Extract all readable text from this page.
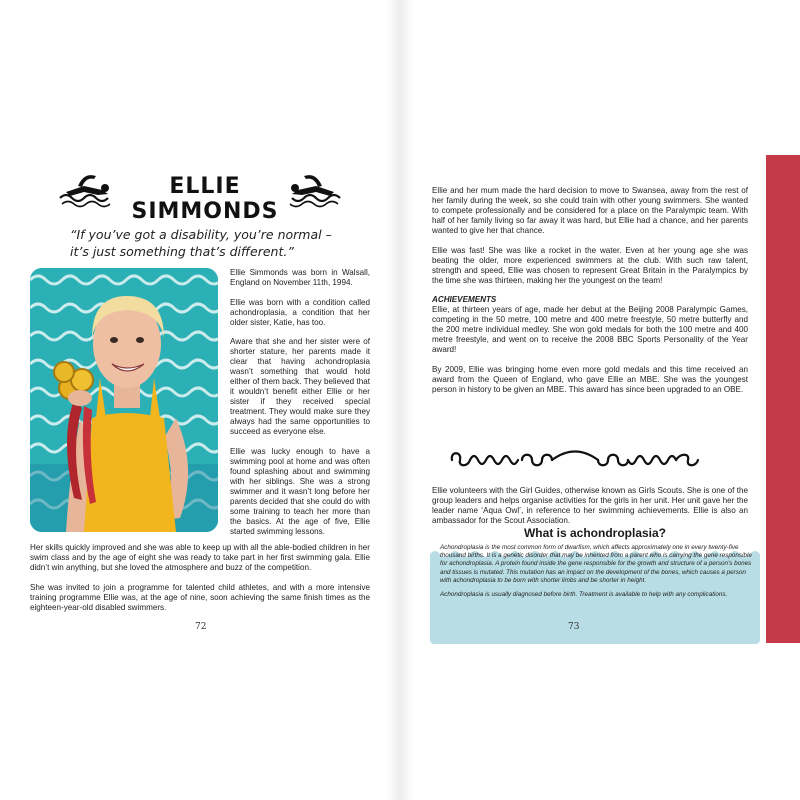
ELLIE SIMMONDS
“If you’ve got a disability, you’re normal – it’s just something that’s different.”

Ellie Simmonds was born in Walsall, England on November 11th, 1994.

Ellie was born with a condition called achondroplasia, a condition that her older sister, Katie, has too.

Aware that she and her sister were of shorter stature, her parents made it clear that having achondroplasia wasn’t something that would hold either of them back. They believed that it wouldn’t benefit either Ellie or her sister if they received special treatment. They would make sure they always had the same opportunities to succeed as everyone else.

Ellie was lucky enough to have a swimming pool at home and was often found splashing about and swimming with her siblings. She was a strong swimmer and it wasn’t long before her parents decided that she could do with some training to teach her more than the basics. At the age of five, Ellie started swimming lessons.

Her skills quickly improved and she was able to keep up with all the able-bodied children in her swim class and by the age of eight she was ready to take part in her first swimming gala. Ellie didn’t win anything, but she loved the atmosphere and buzz of the competition.

She was invited to join a programme for talented child athletes, and with a more intensive training programme Ellie was, at the age of nine, soon achieving the same finish times as the eighteen-year-old disabled swimmers.

72

Ellie and her mum made the hard decision to move to Swansea, away from the rest of her family during the week, so she could train with other young swimmers. She wanted to compete professionally and be considered for a place on the Paralympic team. With half of her family living so far away it was hard, but Ellie had a chance, and her parents wanted to give her that chance.

Ellie was fast! She was like a rocket in the water. Even at her young age she was beating the older, more experienced swimmers at the club. With such raw talent, strength and speed, Ellie was chosen to represent Great Britain in the Paralympics by the time she was thirteen, making her the youngest on the team!

ACHIEVEMENTS

Ellie, at thirteen years of age, made her debut at the Beijing 2008 Paralympic Games, competing in the 50 metre, 100 metre and 400 metre freestyle, 50 metre butterfly and the 200 metre individual medley. She won gold medals for both the 100 metre and 400 metre freestyle, and went on to receive the 2008 BBC Sports Personality of the Year award!

By 2009, Ellie was bringing home even more gold medals and this time received an award from the Queen of England, who gave Ellie an MBE. She was the youngest person in history to be given an MBE. This award has since been upgraded to an OBE.

Ellie volunteers with the Girl Guides, otherwise known as Girls Scouts. She is one of the group leaders and helps organise activities for the girls in her unit. Her unit gave her the leader name ‘Aqua Owl’, in reference to her swimming achievements. Ellie is also an ambassador for the Scout Association.

What is achondroplasia?

Achondroplasia is the most common form of dwarfism, which affects approximately one in every twenty-five thousand births. It is a genetic disorder that may be inherited from a parent who is carrying the gene responsible for achondroplasia. A protein found inside the gene responsible for the growth and structure of a person’s bones and tissues is mutated. This mutation has an impact on the development of the bones, which causes a person with achondroplasia to be born with shorter limbs and be shorter in height.

Achondroplasia is usually diagnosed before birth. Treatment is available to help with any complications.

73
